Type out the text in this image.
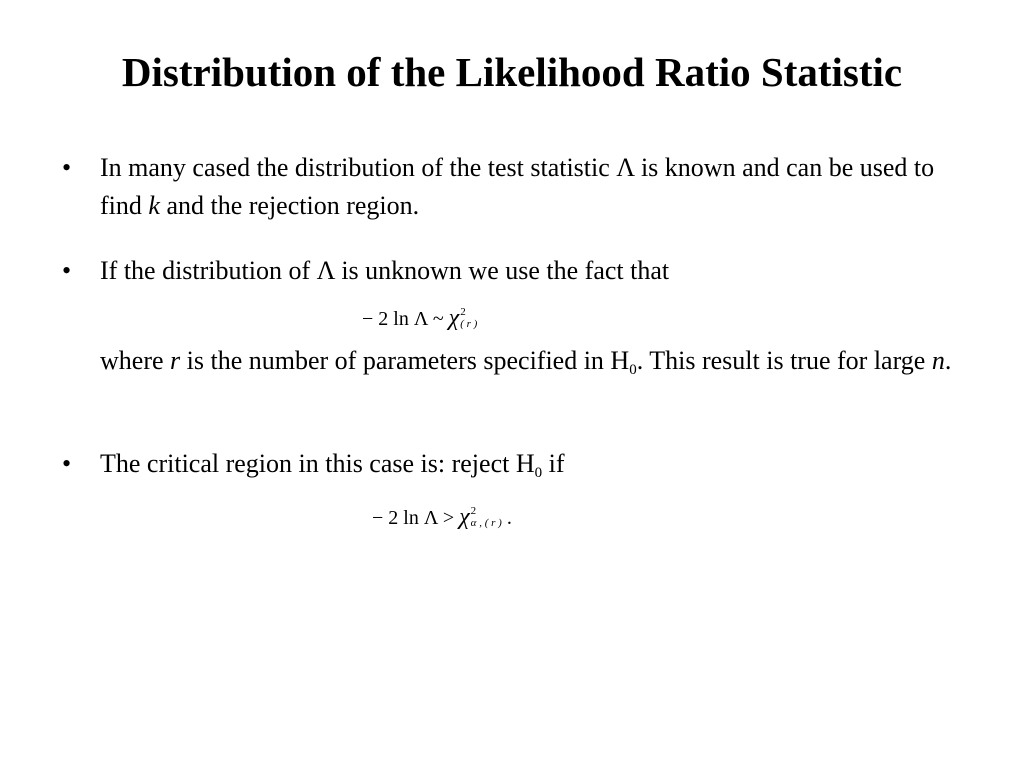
Distribution of the Likelihood Ratio Statistic
• In many cased the distribution of the test statistic Λ is known and can be used to find k and the rejection region.
• If the distribution of Λ is unknown we use the fact that
− 2 ln Λ ~ χ 2
( r )
where r is the number of parameters specified in $H_0$. This result is true for large n.
• The critical region in this case is: reject $H_0$ if
− 2 ln Λ > χ 2
α , ( r ) .
